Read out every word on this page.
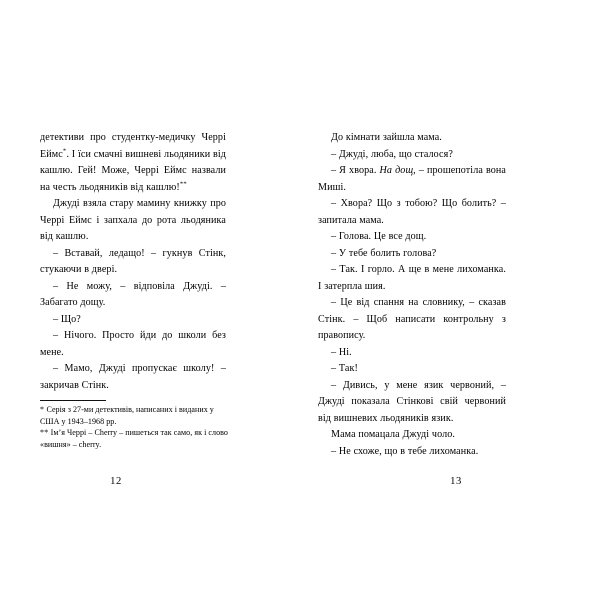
детективи про студентку-медичку Черрі Еймс*. І їси смачні вишневі льодяники від кашлю. Гей! Може, Черрі Еймс назвали на честь льодяників від кашлю!**

Джуді взяла стару мамину книжку про Черрі Еймс і запхала до рота льодяника від кашлю.

– Вставай, ледащо! – гукнув Стінк, стукаючи в двері.

– Не можу, – відповіла Джуді. – Забагато дощу.

– Що?

– Нічого. Просто йди до школи без мене.

– Мамо, Джуді пропускає школу! – закричав Стінк.

* Серія з 27-ми детективів, написаних і виданих у США у 1943–1968 рр.

** Ім’я Черрі – Cherry – пишеться так само, як і слово «вишня» – cherry.

12

До кімнати зайшла мама.

– Джуді, люба, що сталося?

– Я хвора. На дощ, – прошепотіла вона Миші.

– Хвора? Що з тобою? Що болить? – запитала мама.

– Голова. Це все дощ.

– У тебе болить голова?

– Так. І горло. А ще в мене лихоманка. І затерпла шия.

– Це від спання на словнику, – сказав Стінк. – Щоб написати контрольну з правопису.

– Ні.

– Так!

– Дивись, у мене язик червоний, – Джуді показала Стінкові свій червоний від вишневих льодяників язик.

Мама помацала Джуді чоло.

– Не схоже, що в тебе лихоманка.

13
